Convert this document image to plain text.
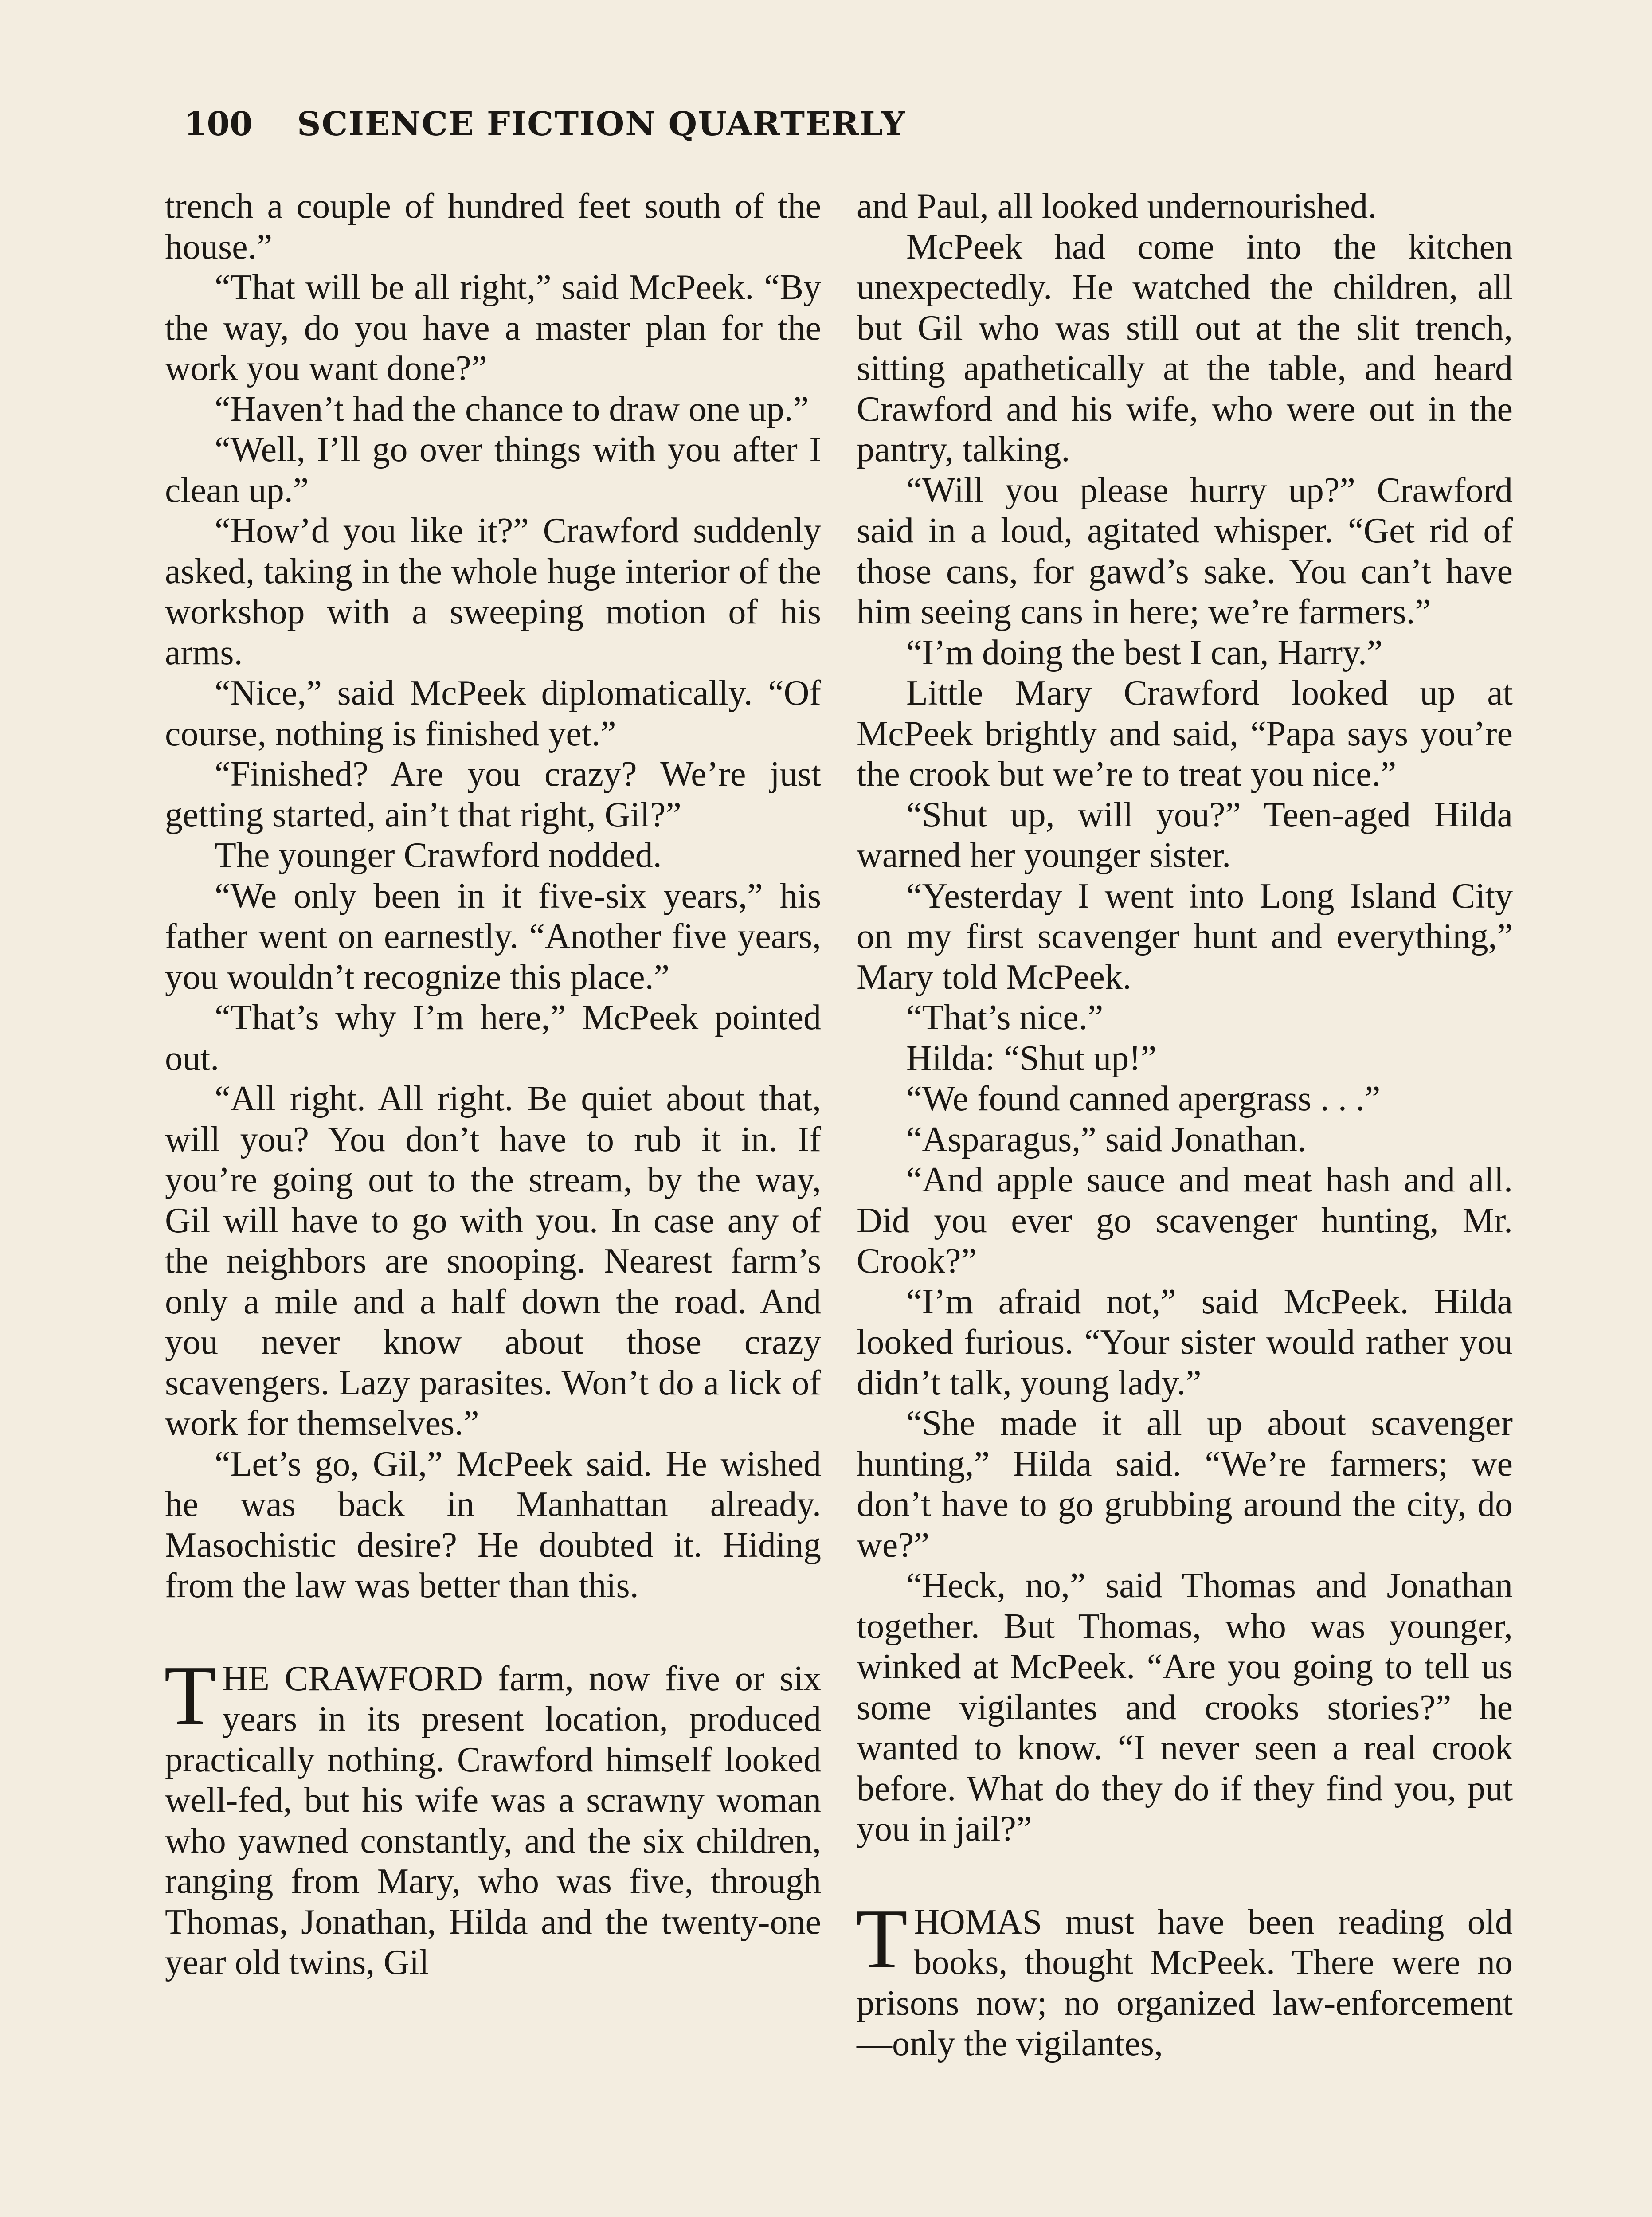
100 SCIENCE FICTION QUARTERLY

trench a couple of hundred feet south of the house.”

“That will be all right,” said McPeek. “By the way, do you have a master plan for the work you want done?”

“Haven’t had the chance to draw one up.”

“Well, I’ll go over things with you after I clean up.”

“How’d you like it?” Crawford suddenly asked, taking in the whole huge interior of the workshop with a sweeping motion of his arms.

“Nice,” said McPeek diplomatically. “Of course, nothing is finished yet.”

“Finished? Are you crazy? We’re just getting started, ain’t that right, Gil?”

The younger Crawford nodded.

“We only been in it five-six years,” his father went on earnestly. “Another five years, you wouldn’t recognize this place.”

“That’s why I’m here,” McPeek pointed out.

“All right. All right. Be quiet about that, will you? You don’t have to rub it in. If you’re going out to the stream, by the way, Gil will have to go with you. In case any of the neighbors are snooping. Nearest farm’s only a mile and a half down the road. And you never know about those crazy scavengers. Lazy parasites. Won’t do a lick of work for themselves.”

“Let’s go, Gil,” McPeek said. He wished he was back in Manhattan already. Masochistic desire? He doubted it. Hiding from the law was better than this.

THE CRAWFORD farm, now five or six years in its present location, produced practically nothing. Crawford himself looked well-fed, but his wife was a scrawny woman who yawned constantly, and the six children, ranging from Mary, who was five, through Thomas, Jonathan, Hilda and the twenty-one year old twins, Gil

and Paul, all looked undernourished.

McPeek had come into the kitchen unexpectedly. He watched the children, all but Gil who was still out at the slit trench, sitting apathetically at the table, and heard Crawford and his wife, who were out in the pantry, talking.

“Will you please hurry up?” Crawford said in a loud, agitated whisper. “Get rid of those cans, for gawd’s sake. You can’t have him seeing cans in here; we’re farmers.”

“I’m doing the best I can, Harry.”

Little Mary Crawford looked up at McPeek brightly and said, “Papa says you’re the crook but we’re to treat you nice.”

“Shut up, will you?” Teen-aged Hilda warned her younger sister.

“Yesterday I went into Long Island City on my first scavenger hunt and everything,” Mary told McPeek.

“That’s nice.”

Hilda: “Shut up!”

“We found canned apergrass . . .”

“Asparagus,” said Jonathan.

“And apple sauce and meat hash and all. Did you ever go scavenger hunting, Mr. Crook?”

“I’m afraid not,” said McPeek. Hilda looked furious. “Your sister would rather you didn’t talk, young lady.”

“She made it all up about scavenger hunting,” Hilda said. “We’re farmers; we don’t have to go grubbing around the city, do we?”

“Heck, no,” said Thomas and Jonathan together. But Thomas, who was younger, winked at McPeek. “Are you going to tell us some vigilantes and crooks stories?” he wanted to know. “I never seen a real crook before. What do they do if they find you, put you in jail?”

THOMAS must have been reading old books, thought McPeek. There were no prisons now; no organized law-enforcement—only the vigilantes,
